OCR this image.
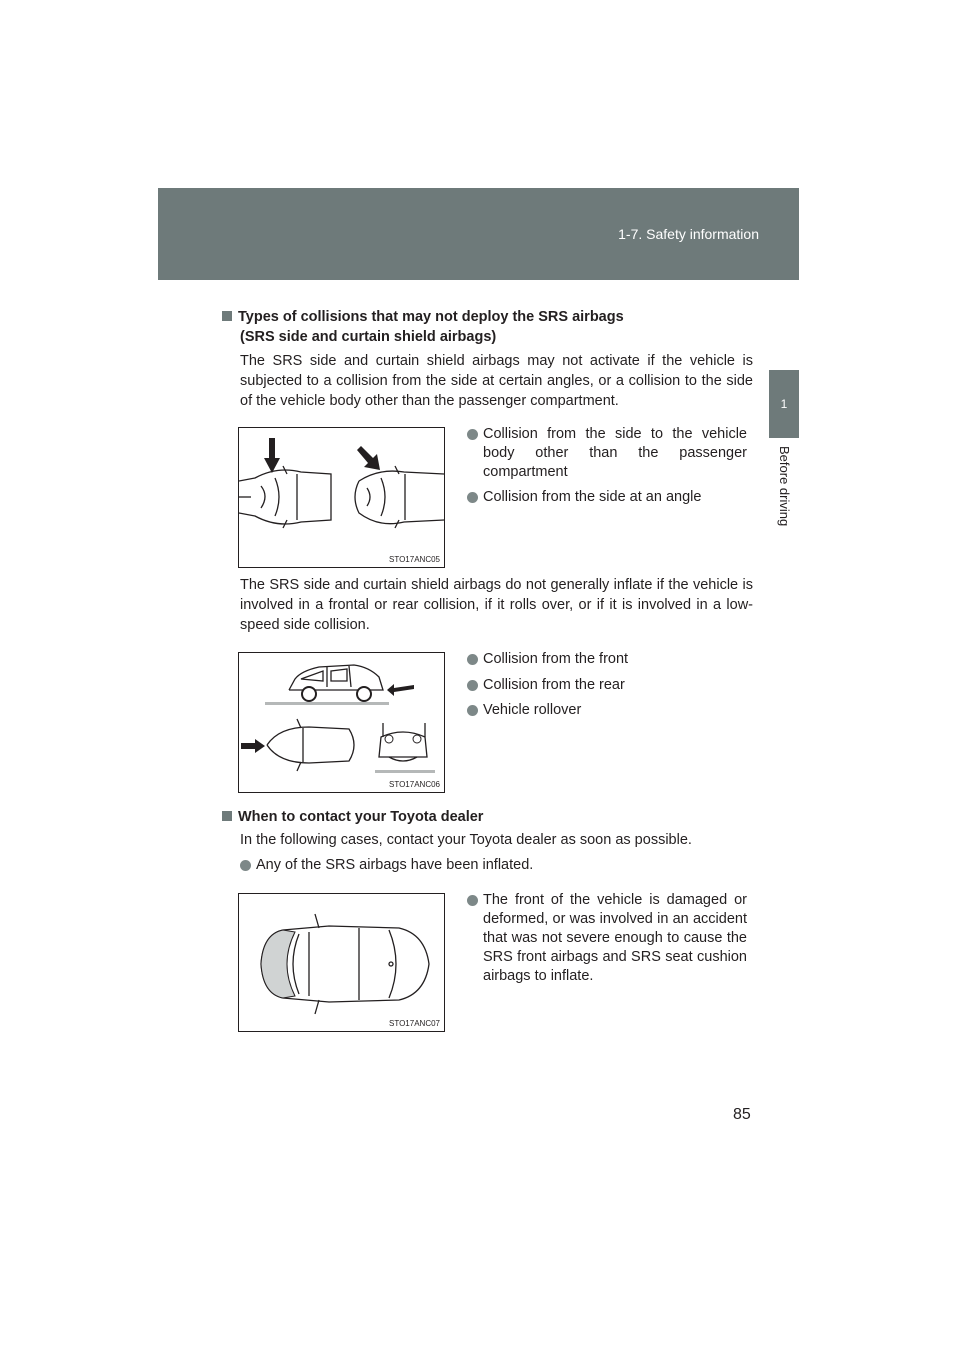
1-7. Safety information
1
Before driving
Types of collisions that may not deploy the SRS airbags
(SRS side and curtain shield airbags)
The SRS side and curtain shield airbags may not activate if the vehicle is subjected to a collision from the side at certain angles, or a collision to the side of the vehicle body other than the passenger compartment.
STO17ANC05
Collision from the side to the vehicle body other than the passenger compartment
Collision from the side at an angle
The SRS side and curtain shield airbags do not generally inflate if the vehicle is involved in a frontal or rear collision, if it rolls over, or if it is involved in a low-speed side collision.
STO17ANC06
Collision from the front
Collision from the rear
Vehicle rollover
When to contact your Toyota dealer
In the following cases, contact your Toyota dealer as soon as possible.
Any of the SRS airbags have been inflated.
STO17ANC07
The front of the vehicle is damaged or deformed, or was involved in an accident that was not severe enough to cause the SRS front airbags and SRS seat cushion airbags to inflate.
85
